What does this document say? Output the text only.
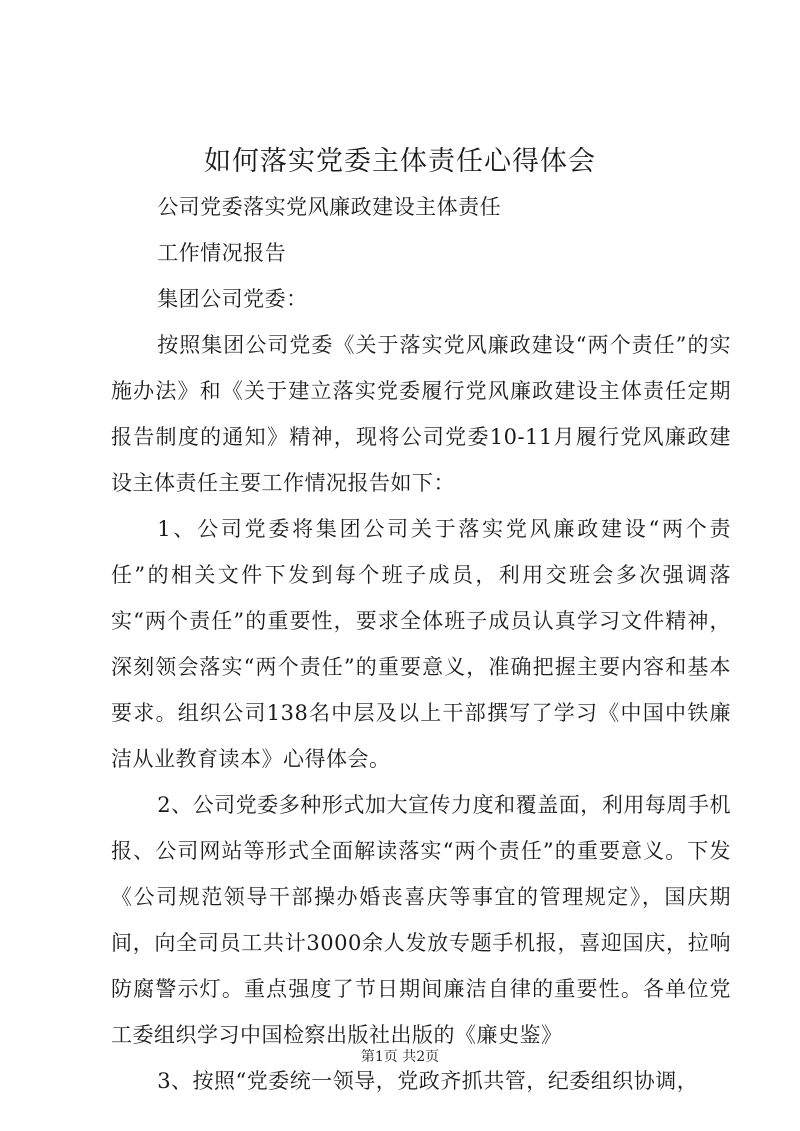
如何落实党委主体责任心得体会

公司党委落实党风廉政建设主体责任

工作情况报告

集团公司党委：

按照集团公司党委《关于落实党风廉政建设“两个责任”的实施办法》和《关于建立落实党委履行党风廉政建设主体责任定期报告制度的通知》精神，现将公司党委10-11月履行党风廉政建设主体责任主要工作情况报告如下：

1、公司党委将集团公司关于落实党风廉政建设“两个责任”的相关文件下发到每个班子成员，利用交班会多次强调落实“两个责任”的重要性，要求全体班子成员认真学习文件精神，深刻领会落实“两个责任”的重要意义，准确把握主要内容和基本要求。组织公司138名中层及以上干部撰写了学习《中国中铁廉洁从业教育读本》心得体会。

2、公司党委多种形式加大宣传力度和覆盖面，利用每周手机报、公司网站等形式全面解读落实“两个责任”的重要意义。下发《公司规范领导干部操办婚丧喜庆等事宜的管理规定》，国庆期间，向全司员工共计3000余人发放专题手机报，喜迎国庆，拉响防腐警示灯。重点强度了节日期间廉洁自律的重要性。各单位党工委组织学习中国检察出版社出版的《廉史鉴》

3、按照“党委统一领导，党政齐抓共管，纪委组织协调，

第1页 共2页
